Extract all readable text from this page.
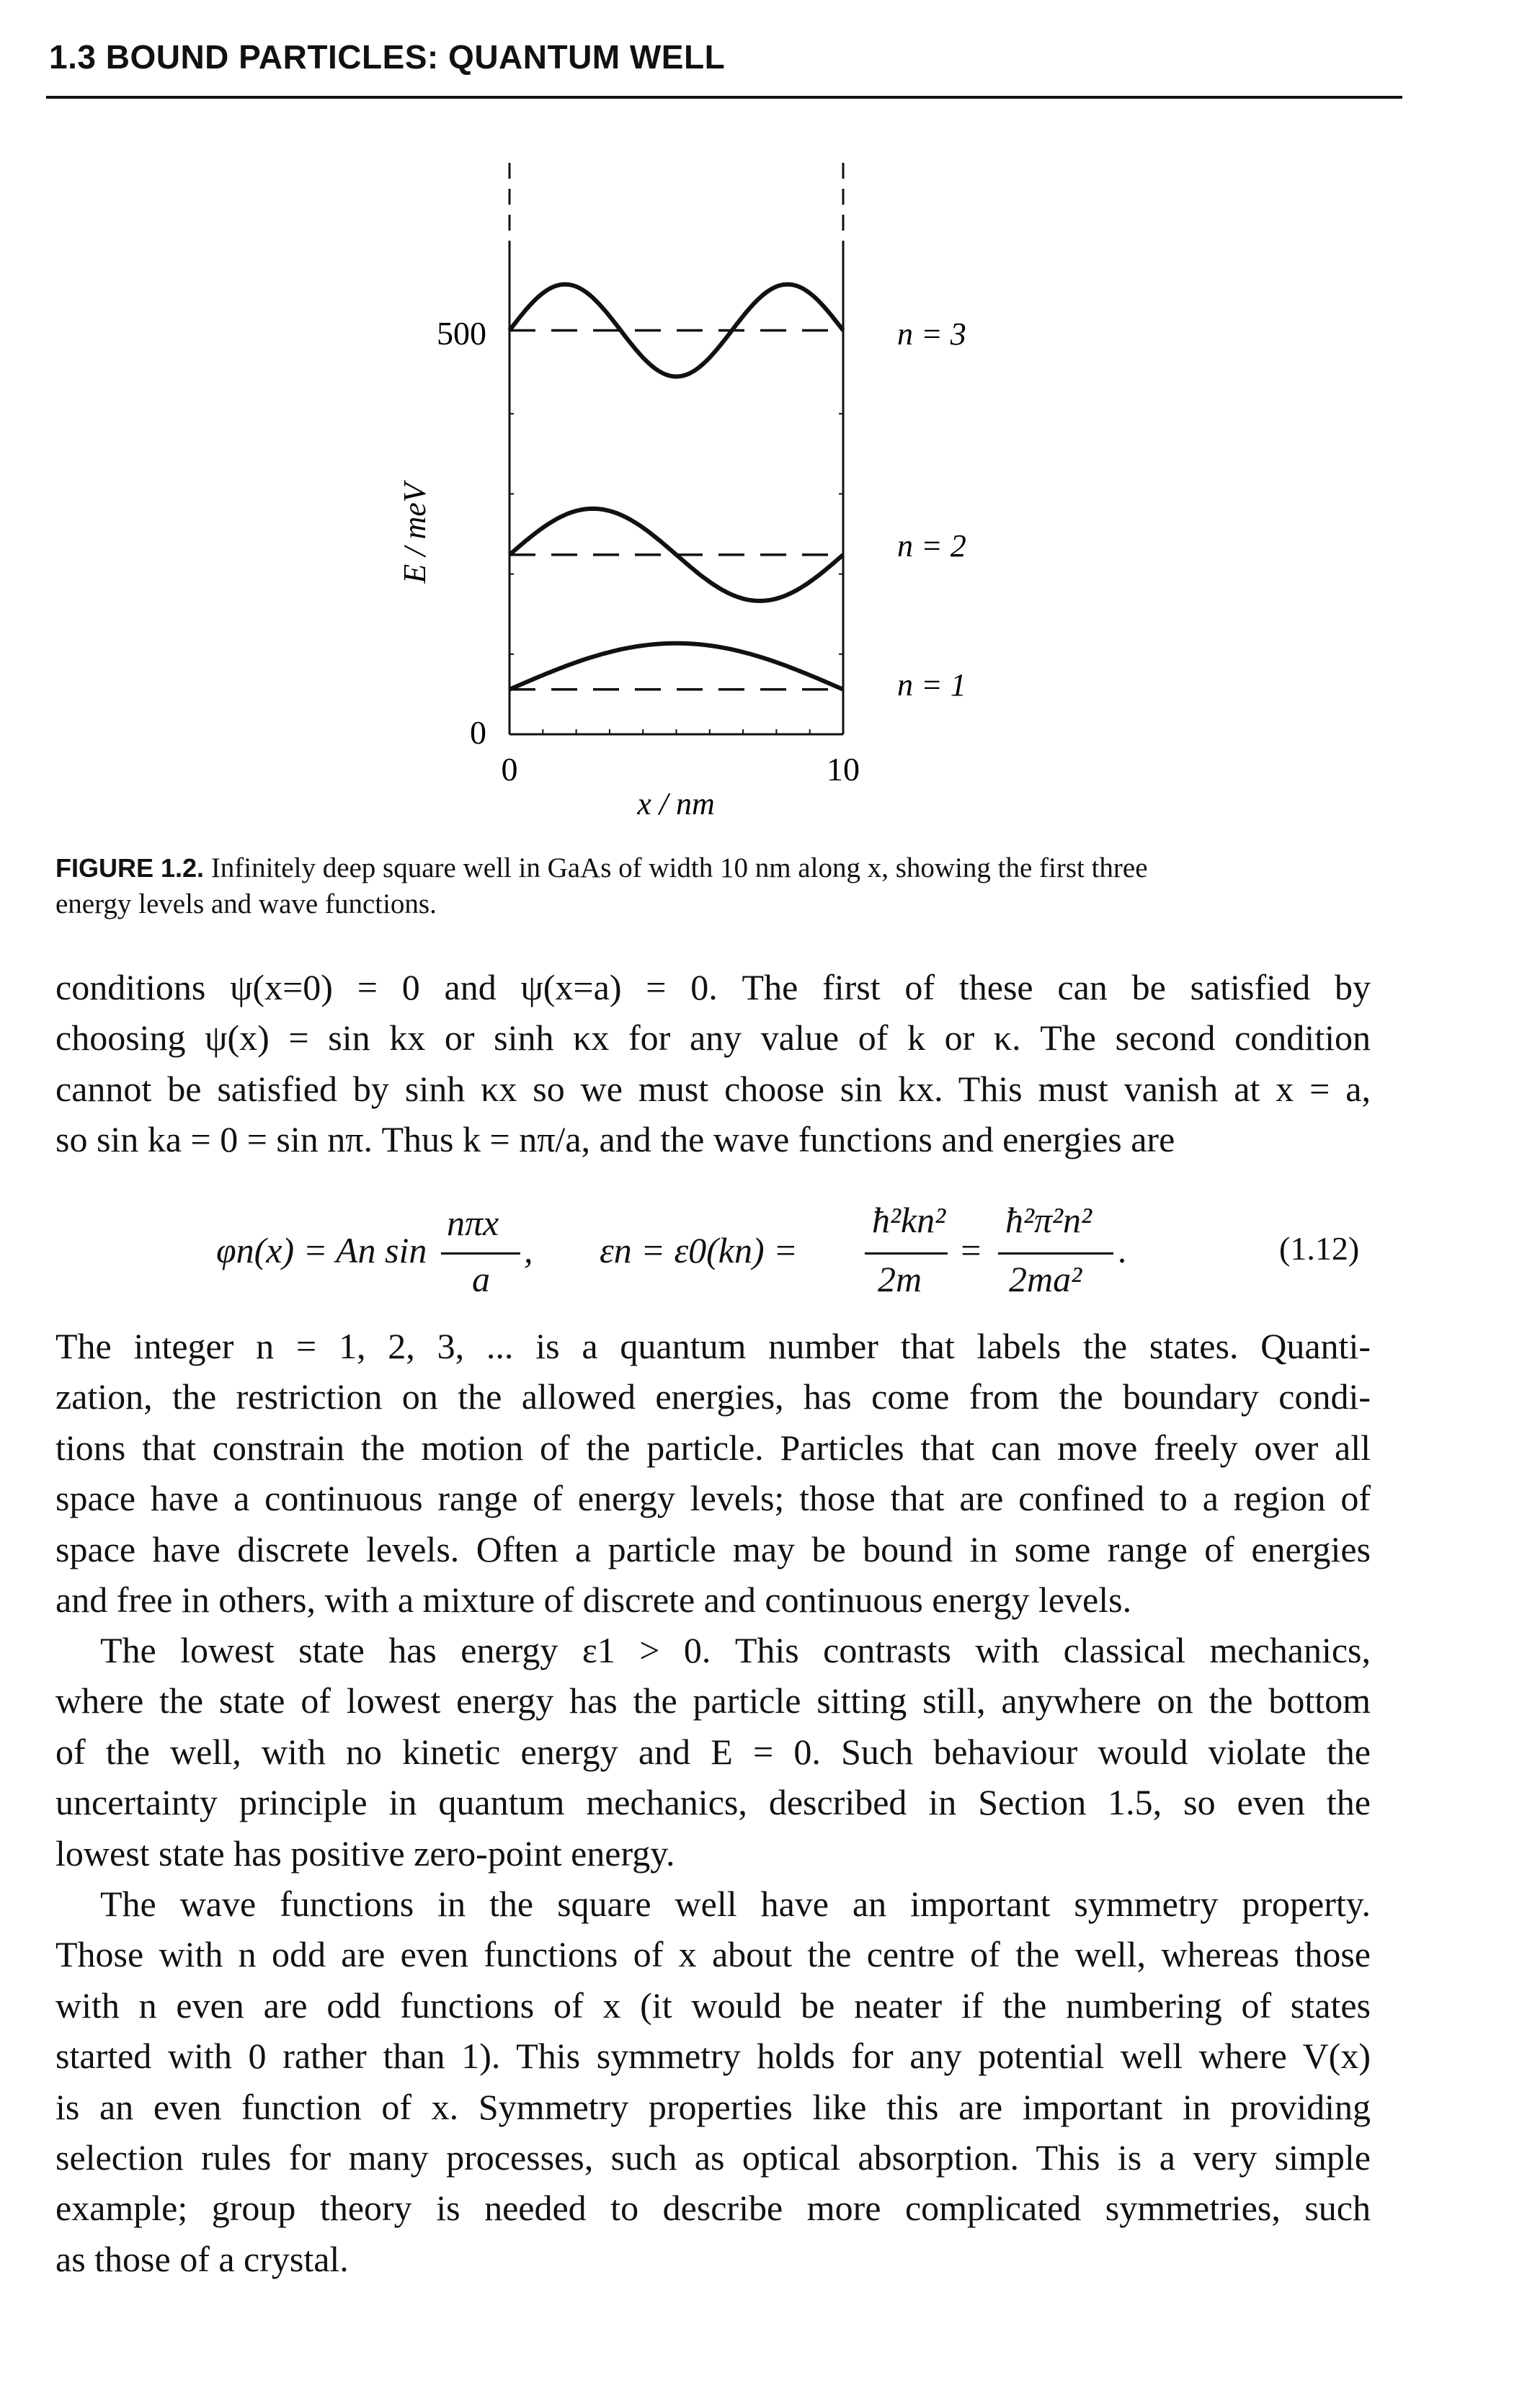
1.3 BOUND PARTICLES: QUANTUM WELL
500
0
0	10
x / nm
E / meV
n = 3
n = 2
n = 1
FIGURE 1.2. Infinitely deep square well in GaAs of width 10 nm along x, showing the first three
energy levels and wave functions.
conditions ψ(x=0) = 0 and ψ(x=a) = 0. The first of these can be satisfied by
choosing ψ(x) = sin kx or sinh κx for any value of k or κ. The second condition
cannot be satisfied by sinh κx so we must choose sin kx. This must vanish at x = a,
so sin ka = 0 = sin nπ. Thus k = nπ/a, and the wave functions and energies are
φn(x) = An sin
nπx
a
, εn = ε0(kn) =
ħ²kn²
2m
=
ħ²π²n²
2ma²
.	(1.12)
The integer n = 1, 2, 3, ... is a quantum number that labels the states. Quanti-
zation, the restriction on the allowed energies, has come from the boundary condi-
tions that constrain the motion of the particle. Particles that can move freely over all
space have a continuous range of energy levels; those that are confined to a region of
space have discrete levels. Often a particle may be bound in some range of energies
and free in others, with a mixture of discrete and continuous energy levels.
The lowest state has energy ε1 > 0. This contrasts with classical mechanics,
where the state of lowest energy has the particle sitting still, anywhere on the bottom
of the well, with no kinetic energy and E = 0. Such behaviour would violate the
uncertainty principle in quantum mechanics, described in Section 1.5, so even the
lowest state has positive zero-point energy.
The wave functions in the square well have an important symmetry property.
Those with n odd are even functions of x about the centre of the well, whereas those
with n even are odd functions of x (it would be neater if the numbering of states
started with 0 rather than 1). This symmetry holds for any potential well where V(x)
is an even function of x. Symmetry properties like this are important in providing
selection rules for many processes, such as optical absorption. This is a very simple
example; group theory is needed to describe more complicated symmetries, such
as those of a crystal.
